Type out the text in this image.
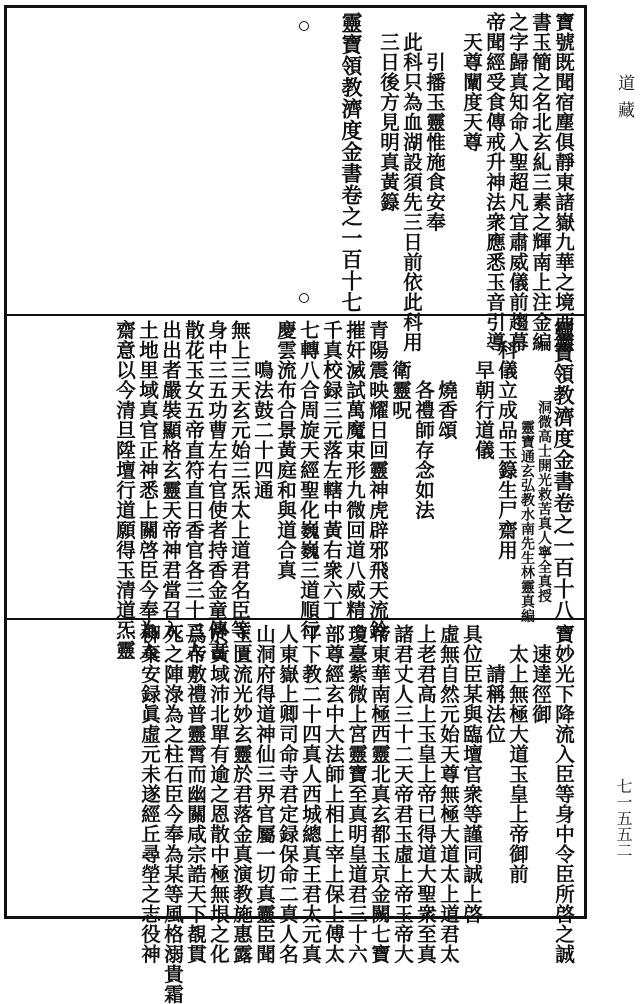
寶號既聞宿塵俱靜東諸嶽九華之境西靈
書玉簡之名北玄糺三素之輝南上注金編
之字歸真知命入聖超凡宜肅威儀前趨幕
帝聞經受食傳戒升神法衆應悉玉音引導
天尊闡度天尊
引播玉靈惟施食安奉
此科只為血湖設須先三日前依此科用
三日後方見明真黃籙
靈寶領教濟度金書卷之一百十七
靈寶領教濟度金書卷之一百十八
洞微高士開光救苦真人寧全真授
靈寶通玄弘教水南先生林靈真編
科儀立成品玉籙生尸齋用
早朝行道儀
燒香頌
各禮師存念如法
衛靈呪
青陽震映耀日回靈神虎辟邪飛天流鈴
摧奸滅試萬魔束形九微回道八威精
千真校録三元落左轄中黃右衆六丁
七轉八合周旋天經聖化巍巍三道順行
慶雲流布合景黃庭和與道合真
鳴法鼓二十四通
無上三天玄元始三炁太上道君名臣等
身中三五功曹左右官使者持香金童傳言
散花玉女五帝直符直日香官各三十二人
出出者嚴裝顯格玄靈天帝神君當召入
土地里域真官正神悉上關啓臣今奉為入
齋意以今清旦陞壇行道願得玉清道炁靈
寶妙光下降流入臣等身中令臣所啓之誠
速達徑御
太上無極大道玉皇上帝御前
請稱法位
具位臣某與臨壇官衆等謹同誠上啓
虛無自然元始天尊無極大道太上道君太
上老君高上玉皇上帝已得道大聖衆至真
諸君丈人三十二天帝君玉虛上帝玉帝大
帝東華南極西靈北真玄都玉京金闕七寶
瓊臺紫微上宮靈寶至真明皇道君三十六
部尊經玄中大法師上相上宰上保上傅太
平下教二十四真人西城總真王君太元真
人東嶽上卿司命寺君定録保命二真人名
山洞府得道神仙三界官屬一切真靈臣聞
玉匱流光妙玄靈於君落金真演教施惠露
於黃域沛北單有逾之恩散中極無垠之化
爲帝敷禮普靈霄而幽關咸宗誥天下覩貫
死之陣淥為之柱石臣今奉為某等風格溺貴霜
柳棄安録眞虛元未遂經丘尋塋之志役神
道藏
七一五五二
